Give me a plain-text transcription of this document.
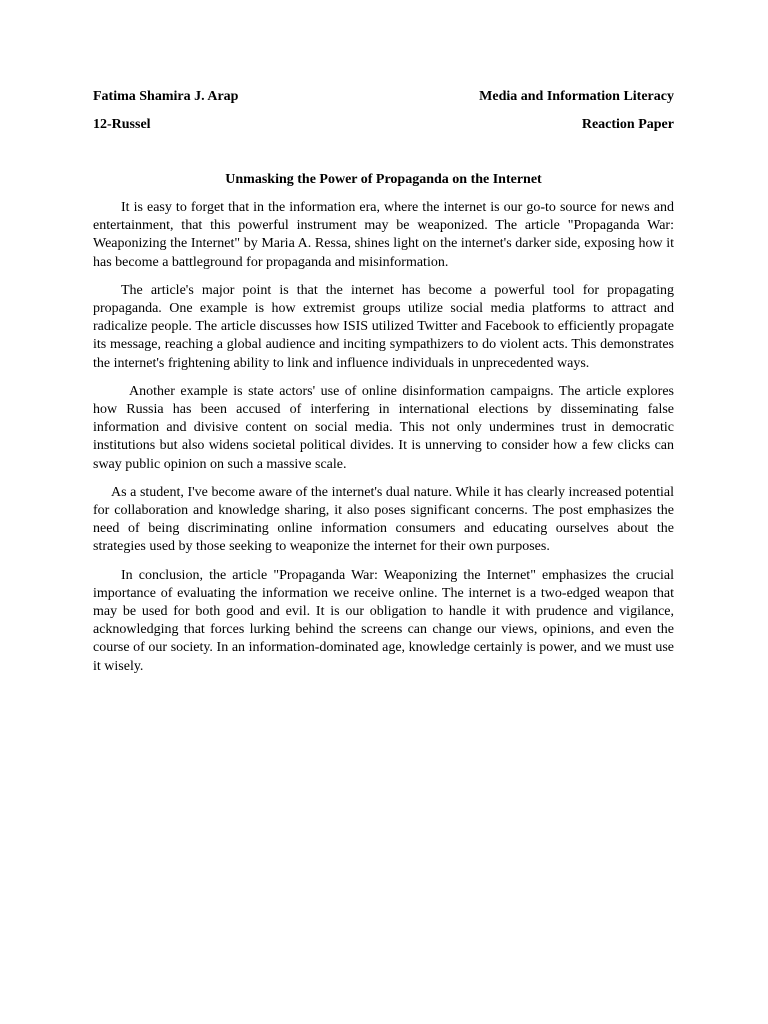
Fatima Shamira J. Arap	Media and Information Literacy
12-Russel	Reaction Paper
Unmasking the Power of Propaganda on the Internet

It is easy to forget that in the information era, where the internet is our go-to source for news and entertainment, that this powerful instrument may be weaponized. The article "Propaganda War: Weaponizing the Internet" by Maria A. Ressa, shines light on the internet's darker side, exposing how it has become a battleground for propaganda and misinformation.

The article's major point is that the internet has become a powerful tool for propagating propaganda. One example is how extremist groups utilize social media platforms to attract and radicalize people. The article discusses how ISIS utilized Twitter and Facebook to efficiently propagate its message, reaching a global audience and inciting sympathizers to do violent acts. This demonstrates the internet's frightening ability to link and influence individuals in unprecedented ways.

Another example is state actors' use of online disinformation campaigns. The article explores how Russia has been accused of interfering in international elections by disseminating false information and divisive content on social media. This not only undermines trust in democratic institutions but also widens societal political divides. It is unnerving to consider how a few clicks can sway public opinion on such a massive scale.

As a student, I've become aware of the internet's dual nature. While it has clearly increased potential for collaboration and knowledge sharing, it also poses significant concerns. The post emphasizes the need of being discriminating online information consumers and educating ourselves about the strategies used by those seeking to weaponize the internet for their own purposes.

In conclusion, the article "Propaganda War: Weaponizing the Internet" emphasizes the crucial importance of evaluating the information we receive online. The internet is a two-edged weapon that may be used for both good and evil. It is our obligation to handle it with prudence and vigilance, acknowledging that forces lurking behind the screens can change our views, opinions, and even the course of our society. In an information-dominated age, knowledge certainly is power, and we must use it wisely.
